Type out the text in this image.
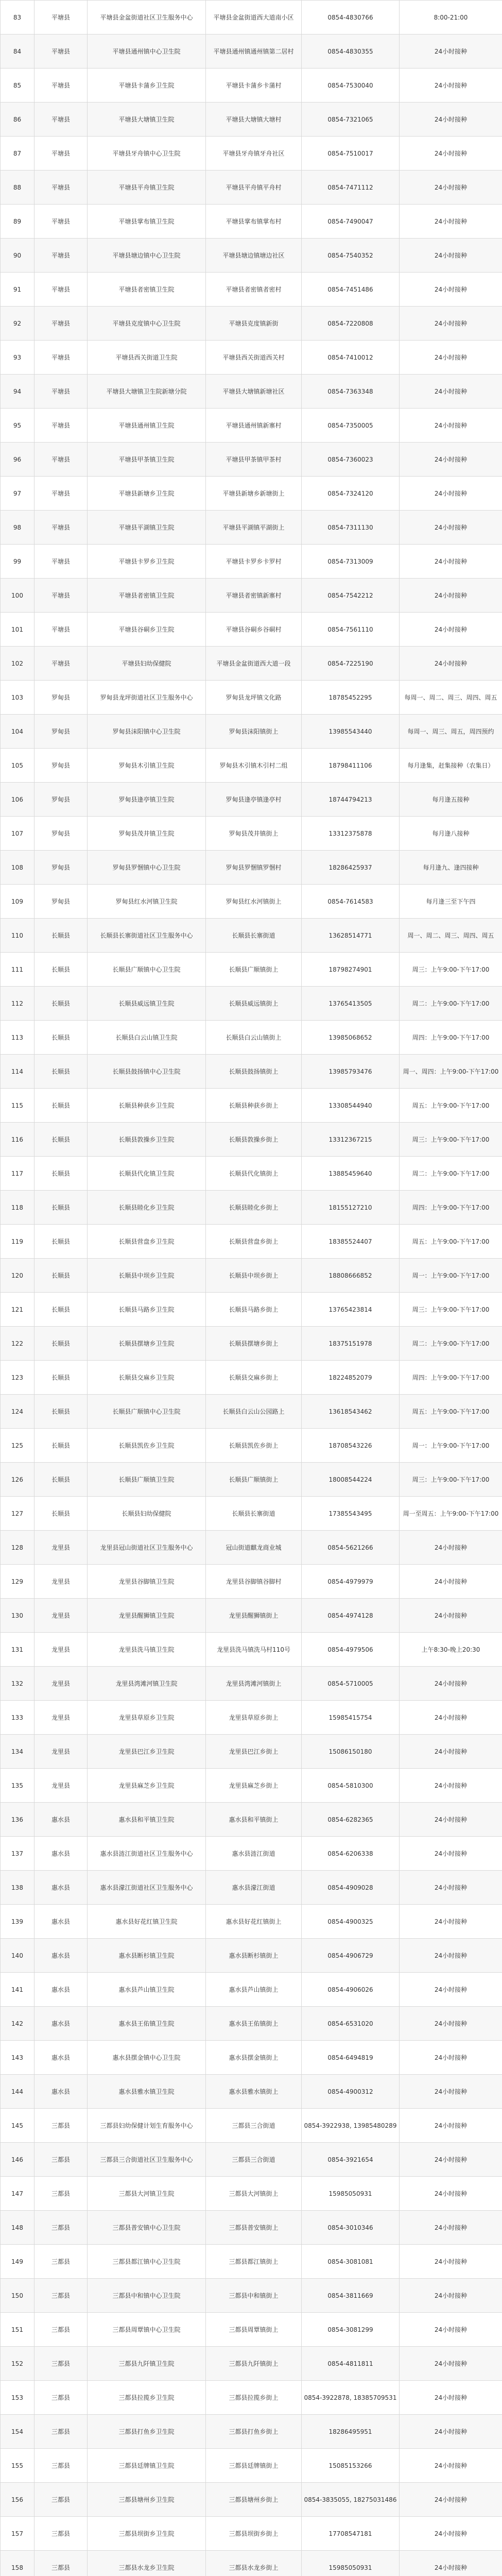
83	平塘县	平塘县金盆街道社区卫生服务中心	平塘县金盆街道西大道南小区	0854-4830766	8:00-21:00
84	平塘县	平塘县通州镇中心卫生院	平塘县通州镇通州镇第二居村	0854-4830355	24小时接种
85	平塘县	平塘县卡蒲乡卫生院	平塘县卡蒲乡卡蒲村	0854-7530040	24小时接种
86	平塘县	平塘县大塘镇卫生院	平塘县大塘镇大塘村	0854-7321065	24小时接种
87	平塘县	平塘县牙舟镇中心卫生院	平塘县牙舟镇牙舟社区	0854-7510017	24小时接种
88	平塘县	平塘县平舟镇卫生院	平塘县平舟镇平舟村	0854-7471112	24小时接种
89	平塘县	平塘县掌布镇卫生院	平塘县掌布镇掌布村	0854-7490047	24小时接种
90	平塘县	平塘县塘边镇中心卫生院	平塘县塘边镇塘边社区	0854-7540352	24小时接种
91	平塘县	平塘县者密镇卫生院	平塘县者密镇者密村	0854-7451486	24小时接种
92	平塘县	平塘县克度镇中心卫生院	平塘县克度镇新街	0854-7220808	24小时接种
93	平塘县	平塘县西关街道卫生院	平塘县西关街道西关村	0854-7410012	24小时接种
94	平塘县	平塘县大塘镇卫生院新塘分院	平塘县大塘镇新塘社区	0854-7363348	24小时接种
95	平塘县	平塘县通州镇卫生院	平塘县通州镇新寨村	0854-7350005	24小时接种
96	平塘县	平塘县甲茶镇卫生院	平塘县甲茶镇甲茶村	0854-7360023	24小时接种
97	平塘县	平塘县新塘乡卫生院	平塘县新塘乡新塘街上	0854-7324120	24小时接种
98	平塘县	平塘县平湖镇卫生院	平塘县平湖镇平湖街上	0854-7311130	24小时接种
99	平塘县	平塘县卡罗乡卫生院	平塘县卡罗乡卡罗村	0854-7313009	24小时接种
100	平塘县	平塘县者密镇卫生院	平塘县者密镇新寨村	0854-7542212	24小时接种
101	平塘县	平塘县谷硐乡卫生院	平塘县谷硐乡谷硐村	0854-7561110	24小时接种
102	平塘县	平塘县妇幼保健院	平塘县金盆街道西大道一段	0854-7225190	24小时接种
103	罗甸县	罗甸县龙坪街道社区卫生服务中心	罗甸县龙坪镇文化路	18785452295	每周一、周二、周三、周四、周五
104	罗甸县	罗甸县沫阳镇中心卫生院	罗甸县沫阳镇街上	13985543440	每周一、周三、周五，周四预约
105	罗甸县	罗甸县木引镇卫生院	罗甸县木引镇木引村二组	18798411106	每月逢集，赶集接种（农集日）
106	罗甸县	罗甸县逢亭镇卫生院	罗甸县逢亭镇逢亭村	18744794213	每月逢五接种
107	罗甸县	罗甸县茂井镇卫生院	罗甸县茂井镇街上	13312375878	每月逢八接种
108	罗甸县	罗甸县罗悃镇中心卫生院	罗甸县罗悃镇罗悃村	18286425937	每月逢九、逢四接种
109	罗甸县	罗甸县红水河镇卫生院	罗甸县红水河镇街上	0854-7614583	每月逢三至下午四
110	长顺县	长顺县长寨街道社区卫生服务中心	长顺县长寨街道	13628514771	周一、周二、周三、周四、周五
111	长顺县	长顺县广顺镇中心卫生院	长顺县广顺镇街上	18798274901	周三：上午9:00-下午17:00
112	长顺县	长顺县威远镇卫生院	长顺县威远镇街上	13765413505	周二：上午9:00-下午17:00
113	长顺县	长顺县白云山镇卫生院	长顺县白云山镇街上	13985068652	周四：上午9:00-下午17:00
114	长顺县	长顺县鼓扬镇中心卫生院	长顺县鼓扬镇街上	13985793476	周一、周四：上午9:00-下午17:00
115	长顺县	长顺县种获乡卫生院	长顺县种获乡街上	13308544940	周五：上午9:00-下午17:00
116	长顺县	长顺县敦操乡卫生院	长顺县敦操乡街上	13312367215	周三：上午9:00-下午17:00
117	长顺县	长顺县代化镇卫生院	长顺县代化镇街上	13885459640	周二：上午9:00-下午17:00
118	长顺县	长顺县睦化乡卫生院	长顺县睦化乡街上	18155127210	周四：上午9:00-下午17:00
119	长顺县	长顺县营盘乡卫生院	长顺县营盘乡街上	18385524407	周五：上午9:00-下午17:00
120	长顺县	长顺县中坝乡卫生院	长顺县中坝乡街上	18808666852	周一：上午9:00-下午17:00
121	长顺县	长顺县马路乡卫生院	长顺县马路乡街上	13765423814	周三：上午9:00-下午17:00
122	长顺县	长顺县摆塘乡卫生院	长顺县摆塘乡街上	18375151978	周二：上午9:00-下午17:00
123	长顺县	长顺县交麻乡卫生院	长顺县交麻乡街上	18224852079	周四：上午9:00-下午17:00
124	长顺县	长顺县广顺镇中心卫生院	长顺县白云山公园路上	13618543462	周五：上午9:00-下午17:00
125	长顺县	长顺县凯佐乡卫生院	长顺县凯佐乡街上	18708543226	周一：上午9:00-下午17:00
126	长顺县	长顺县广顺镇卫生院	长顺县广顺镇街上	18008544224	周三：上午9:00-下午17:00
127	长顺县	长顺县妇幼保健院	长顺县长寨街道	17385543495	周一至周五：上午9:00-下午17:00
128	龙里县	龙里县冠山街道社区卫生服务中心	冠山街道麒龙商业城	0854-5621266	24小时接种
129	龙里县	龙里县谷脚镇卫生院	龙里县谷脚镇谷脚村	0854-4979979	24小时接种
130	龙里县	龙里县醒狮镇卫生院	龙里县醒狮镇街上	0854-4974128	24小时接种
131	龙里县	龙里县洗马镇卫生院	龙里县洗马镇洗马村110号	0854-4979506	上午8:30-晚上20:30
132	龙里县	龙里县湾滩河镇卫生院	龙里县湾滩河镇街上	0854-5710005	24小时接种
133	龙里县	龙里县草原乡卫生院	龙里县草原乡街上	15985415754	24小时接种
134	龙里县	龙里县巴江乡卫生院	龙里县巴江乡街上	15086150180	24小时接种
135	龙里县	龙里县麻芝乡卫生院	龙里县麻芝乡街上	0854-5810300	24小时接种
136	惠水县	惠水县和平镇卫生院	惠水县和平镇街上	0854-6282365	24小时接种
137	惠水县	惠水县涟江街道社区卫生服务中心	惠水县涟江街道	0854-6206338	24小时接种
138	惠水县	惠水县濛江街道社区卫生服务中心	惠水县濛江街道	0854-4909028	24小时接种
139	惠水县	惠水县好花红镇卫生院	惠水县好花红镇街上	0854-4900325	24小时接种
140	惠水县	惠水县断杉镇卫生院	惠水县断杉镇街上	0854-4906729	24小时接种
141	惠水县	惠水县芦山镇卫生院	惠水县芦山镇街上	0854-4906026	24小时接种
142	惠水县	惠水县王佑镇卫生院	惠水县王佑镇街上	0854-6531020	24小时接种
143	惠水县	惠水县摆金镇中心卫生院	惠水县摆金镇街上	0854-6494819	24小时接种
144	惠水县	惠水县雅水镇卫生院	惠水县雅水镇街上	0854-4900312	24小时接种
145	三都县	三都县妇幼保健计划生育服务中心	三都县三合街道	0854-3922938, 13985480289	24小时接种
146	三都县	三都县三合街道社区卫生服务中心	三都县三合街道	0854-3921654	24小时接种
147	三都县	三都县大河镇卫生院	三都县大河镇街上	15985050931	24小时接种
148	三都县	三都县普安镇中心卫生院	三都县普安镇街上	0854-3010346	24小时接种
149	三都县	三都县都江镇中心卫生院	三都县都江镇街上	0854-3081081	24小时接种
150	三都县	三都县中和镇中心卫生院	三都县中和镇街上	0854-3811669	24小时接种
151	三都县	三都县周覃镇中心卫生院	三都县周覃镇街上	0854-3081299	24小时接种
152	三都县	三都县九阡镇卫生院	三都县九阡镇街上	0854-4811811	24小时接种
153	三都县	三都县拉揽乡卫生院	三都县拉揽乡街上	0854-3922878, 18385709531	24小时接种
154	三都县	三都县打鱼乡卫生院	三都县打鱼乡街上	18286495951	24小时接种
155	三都县	三都县廷牌镇卫生院	三都县廷牌镇街上	15085153266	24小时接种
156	三都县	三都县塘州乡卫生院	三都县塘州乡街上	0854-3835055, 18275031486	24小时接种
157	三都县	三都县坝街乡卫生院	三都县坝街乡街上	17708547181	24小时接种
158	三都县	三都县水龙乡卫生院	三都县水龙乡街上	15985050931	24小时接种
